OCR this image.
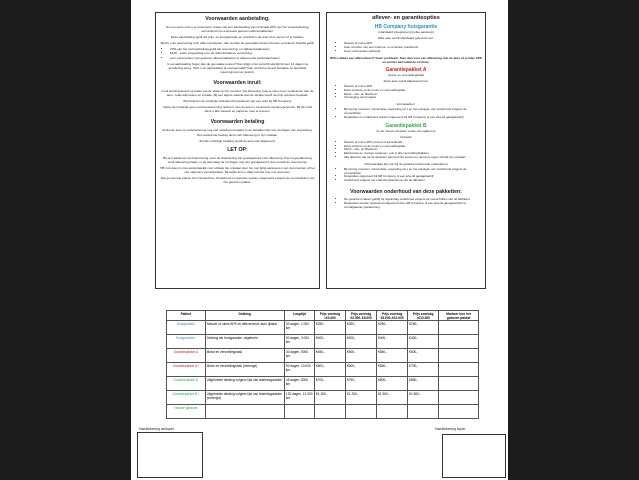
Voorwaarden aanbetaling:

Om een auto voor u te reserveren vragen wij een aanbetaling van minimaal 20% van het verkoopbedrag, verminderd met eventueel gekozen afleverpakketten.

Deze aanbetaling geldt als prijs- en koopgarantie en verplicht u de auto af te nemen of te betalen.

Mocht u de reservering toch willen annuleren, dan worden de gemaakte kosten hiervan verrekend. Daarbij geldt:

• 20% van het verkoopbedrag geldt als reservering- en rijklaarmaakkosten;
• €100,- vaste vergoeding voor de administratieve verwerking;
• voor extra kosten van gekozen afleverpakketten of uitgevoerde werkzaamheden.

Is uw aanbetaling hoger dan de gemaakte kosten? Dan krijgt u het verschil uiterlijk binnen 14 dagen na annulering terug. Hebt u de aanbetaling al overgemaakt? Dan wordt het teveel betaalde op hetzelfde rekeningnummer gestort.

Voorwaarden inruil:

Inruil wordt geleverd op basis van de staat op het moment. Na aflevering mag er niets meer veranderen aan de auto, zoals kilometers en schade. Bij een lagere waarde dan de taxatie wordt de prijs opnieuw bepaald.

Wij hanteren de inruilprijs uitsluitend bij aankoop van een auto bij HB Company.

Indien de inruilprijs geen overeenstemming oplevert, kan de auto in commissie worden genomen. Bij de inruil dient u alle sleutels en papieren mee te leveren.

Voorwaarden betaling

Zodra de auto na ondertekening nog niet volledig is betaald, is de betaaltermijn van 14 dagen van toepassing. Het resterende bedrag dient vóór aflevering te zijn voldaan.

Zonder volledige betaling wordt de auto niet afgeleverd.

LET OP:

Bij een aankoop met financiering moet de financiering zijn goedgekeurd vóór aflevering. Pas na goedkeuring vindt aflevering plaats. Is de aanvraag na 14 dagen nog niet goedgekeurd, dan vervalt de reservering.

HB Company is niet aansprakelijk voor schade die ontstaat door het niet tijdig aanleveren van documenten of het niet nakomen van afspraken. Bij twijfel kunt u altijd contact met ons opnemen.

Alle genoemde prijzen zijn inclusief btw. Onderhoud en garantie worden uitgevoerd volgens de voorwaarden van het gekozen pakket.

aflever- en garantieopties
HB Company huisgarantie

(standaard inbegrepen bij elke aankoop)

Elke auto wordt standaard geleverd met:

• Nieuwe of ruime APK
• Auto voorzien van een interieur- en exterieur poetsbeurt
• Geen extra kosten achteraf

Wilt u alleen een afleverbeurt? Geen probleem. Kies dan voor een aflevering met de auto af zonder APK en zonder aanvullende controle.

Garantiepakket A

(motor en versnellingsbak)

Deze auto wordt afgeleverd met:

• Nieuwe of ruime APK
• Extra controle op de motor en versnellingsbak
• Motor-, olie- en filterbeurt
• Vervanging van bougies

Voorwaarden:

• Bij storing (motoren, transmissie, koppeling etc.) en het opvolgen van onderhoud volgens de voorschriften
• Reparaties en onderhoud worden uitgevoerd bij HB Company of een erkend garagebedrijf
Garantiepakket B

(is de meest complete versie van pakket A)

Inclusief:

• Nieuwe of ruime APK (recent of aanvullend)
• Extra controle op de motor en versnellingsbak
• Motor-, olie- en filterbeurt
• Elektronica en overige systemen, ook in alle versnellingsbakken
• Alle defecten die na de aankoop aan het licht komen en niet door eigen schuld zijn ontstaan

(Afzonderlijke lijst van bij de garantie behorende onderdelen)

• Bij storing (motoren, transmissie, koppeling etc.) en het opvolgen van onderhoud volgens de voorschriften
• Reparaties uitgevoerd bij HB Company of een erkend garagebedrijf
• Onderhoud volgens het onderhoudsschema van de fabrikant
Voorwaarden onderhoud van deze pakketten:
• De garantie is alleen geldig bij regelmatig onderhoud volgens de voorschriften van de fabrikant.
• Reparaties worden uitsluitend uitgevoerd door HB Company of een erkend garagebedrijf na voorafgaande goedkeuring.
Pakket	Dekking	Looptijd	Prijs voertuig <€3.000	Prijs voertuig €3.000–€5.000	Prijs voertuig €5.000–€10.000	Prijs voertuig >€10.000	Markeer hier het gekozen pakket
Huisgarantie	Nieuwe of ruime APK en afleverbeurt, auto rijklaar	30 dagen, 1.000 km	€250,-	€250,-	€250,-	€250,-	
Huisgarantie+	Dekking als Huisgarantie, uitgebreid	90 dagen, 3.000 km	€400,-	€400,-	€400,-	€400,-	
Garantiepakket A	Motor en versnellingsbak	30 dagen, 5000 km	€450,-	€500,-	€550,-	€600,-	
Garantiepakket A+	Motor en versnellingsbak (verlengd)	90 dagen, 10.000 km	€500,-	€600,-	€650,-	€700,-	
Garantiepakket B	Uitgebreide dekking volgens lijst van fabrieksgarantie	45 dagen, 5000 km	€700,-	€750,-	€800,-	€850,-	
Garantiepakket B+	Uitgebreide dekking volgens lijst van fabrieksgarantie (verlengd)	120 dagen, 12.000 km	€1.150,-	€1.250,-	€1.300,-	€1.500,-	
Nieuwe garantie							
Handtekening verkoper	Handtekening koper
